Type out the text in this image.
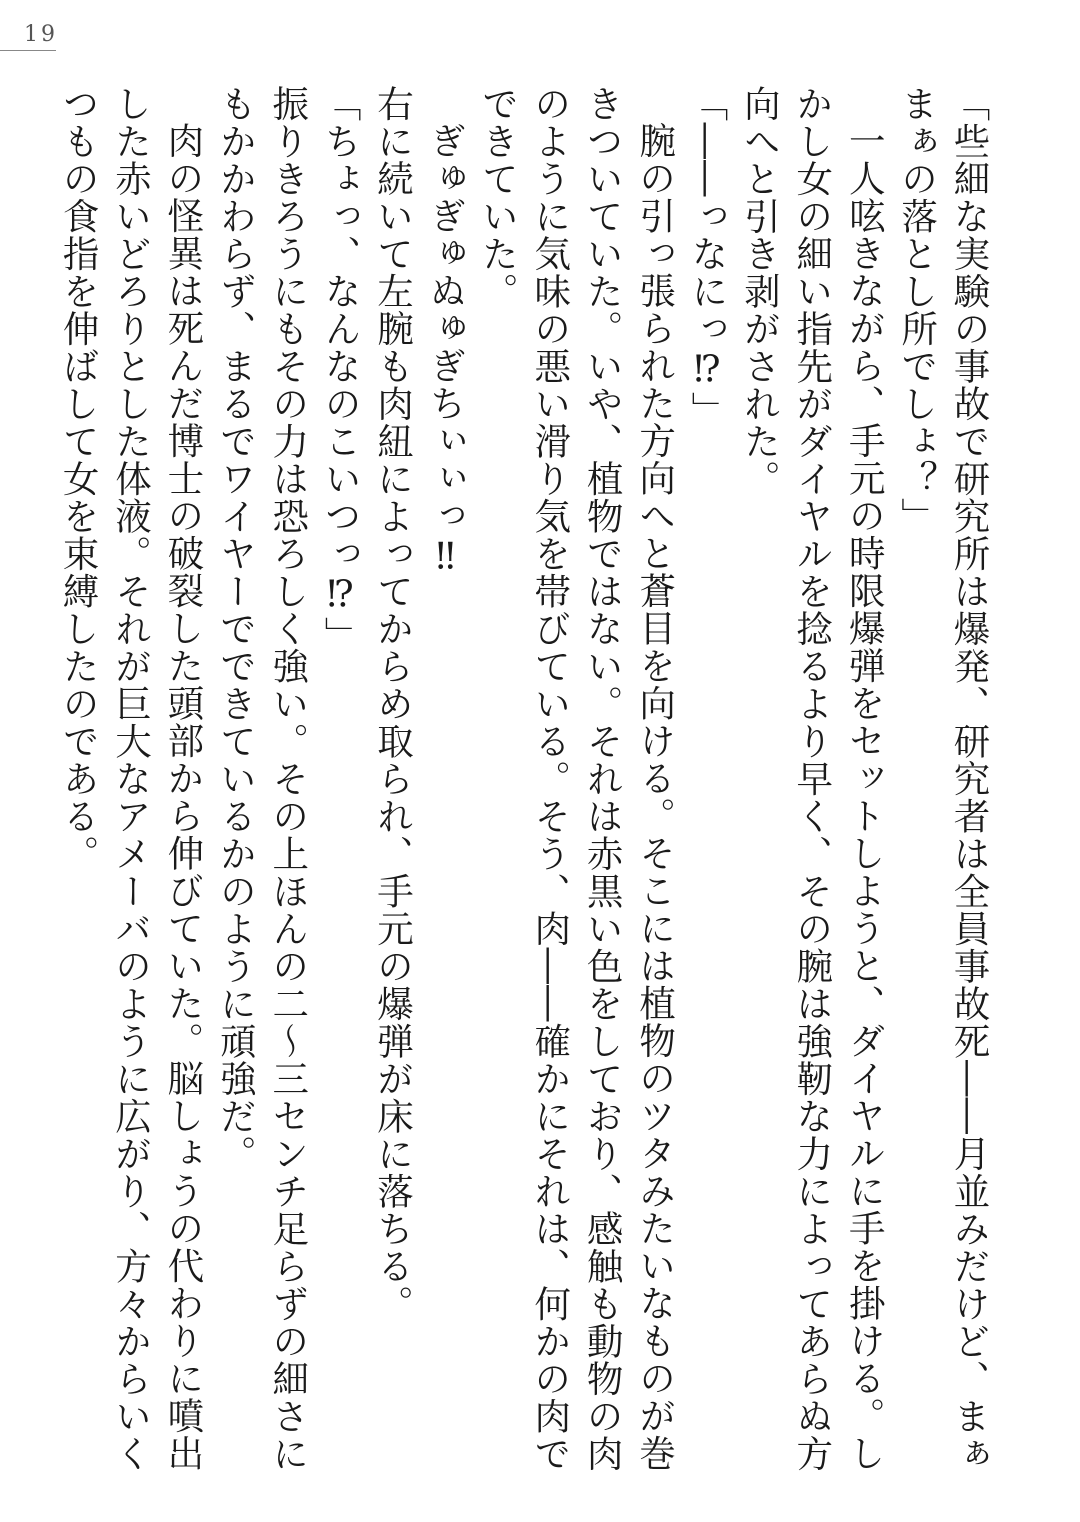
19

「些細な実験の事故で研究所は爆発、研究者は全員事故死――月並みだけど、まぁまぁの落とし所でしょ？」

一人呟きながら、手元の時限爆弾をセットしようと、ダイヤルに手を掛ける。しかし女の細い指先がダイヤルを捻るより早く、その腕は強靭な力によってあらぬ方向へと引き剥がされた。

「――っなにっ⁉」

腕の引っ張られた方向へと蒼目を向ける。そこには植物のツタみたいなものが巻きついていた。いや、植物ではない。それは赤黒い色をしており、感触も動物の肉のように気味の悪い滑り気を帯びている。そう、肉――確かにそれは、何かの肉でできていた。

ぎゅぎゅぬゅぎちぃぃっ‼

右に続いて左腕も肉紐によってからめ取られ、手元の爆弾が床に落ちる。

「ちょっ、なんなのこいつっ⁉」

振りきろうにもその力は恐ろしく強い。その上ほんの二～三センチ足らずの細さにもかかわらず、まるでワイヤーでできているかのように頑強だ。

肉の怪異は死んだ博士の破裂した頭部から伸びていた。脳しょうの代わりに噴出した赤いどろりとした体液。それが巨大なアメーバのように広がり、方々からいくつもの食指を伸ばして女を束縛したのである。
